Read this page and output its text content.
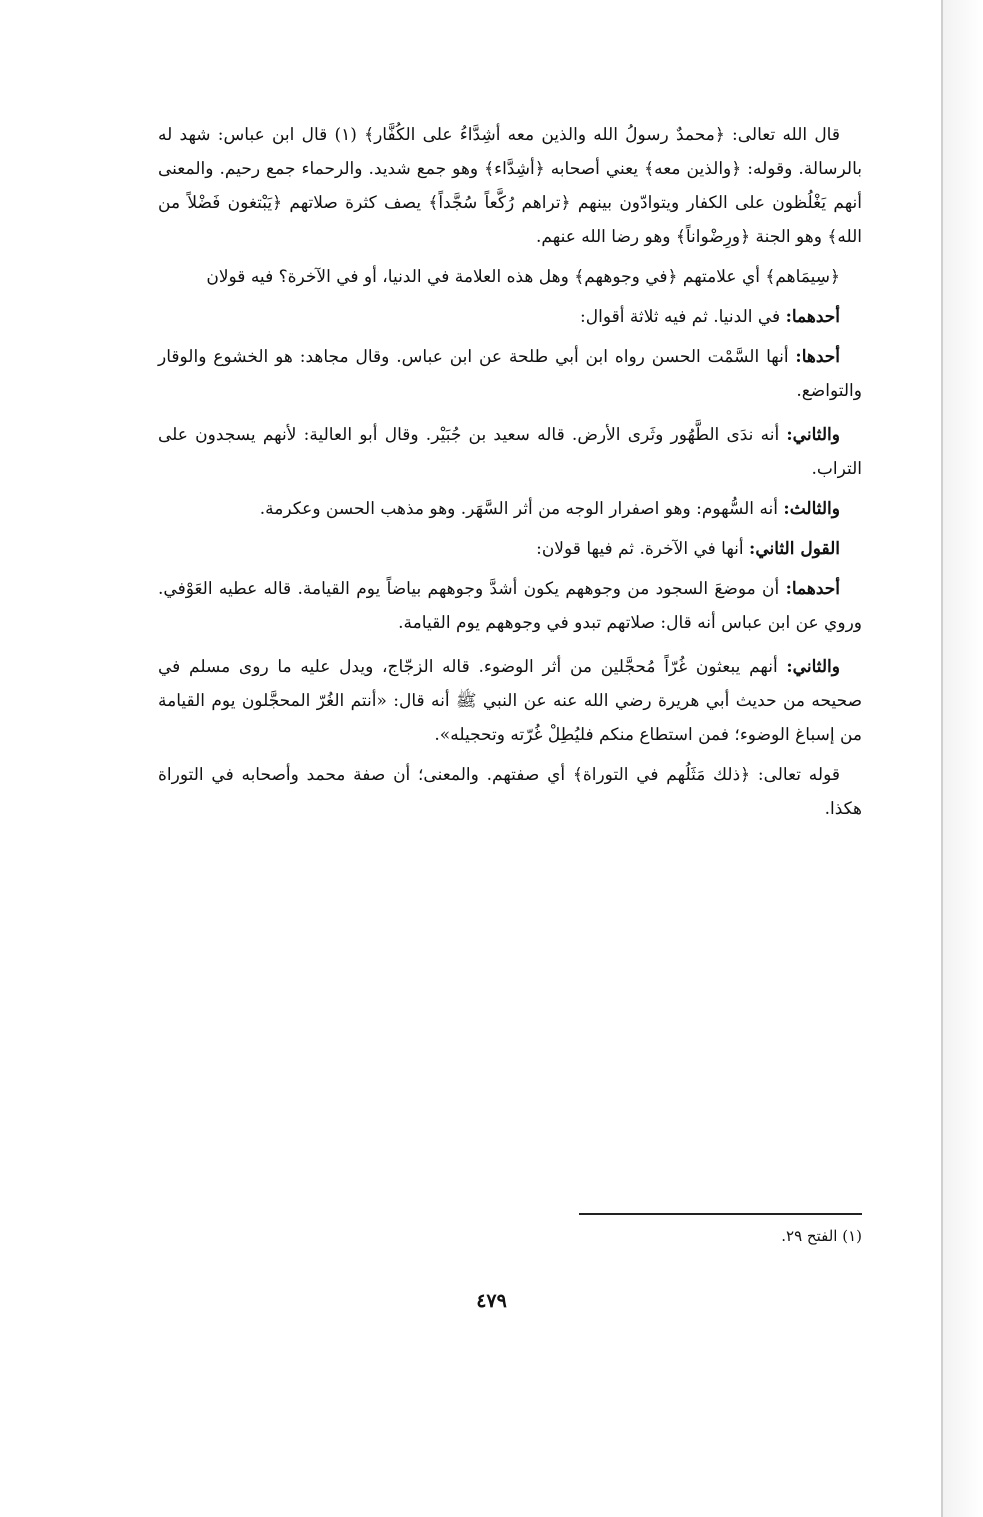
قال الله تعالى: ﴿محمدٌ رسولُ الله والذين معه أشِدَّاءُ على الكُفَّار﴾ (١) قال ابن عباس: شهد له بالرسالة. وقوله: ﴿والذين معه﴾ يعني أصحابه ﴿أشِدَّاء﴾ وهو جمع شديد. والرحماء جمع رحيم. والمعنى أنهم يَغْلُظون على الكفار ويتوادّون بينهم ﴿تراهم رُكَّعاً سُجَّداً﴾ يصف كثرة صلاتهم ﴿يَبْتغون فَضْلاً من الله﴾ وهو الجنة ﴿ورِضْواناً﴾ وهو رضا الله عنهم.

﴿سِيمَاهم﴾ أي علامتهم ﴿في وجوههم﴾ وهل هذه العلامة في الدنيا، أو في الآخرة؟ فيه قولان

أحدهما: في الدنيا. ثم فيه ثلاثة أقوال:

أحدها: أنها السَّمْت الحسن رواه ابن أبي طلحة عن ابن عباس. وقال مجاهد: هو الخشوع والوقار والتواضع.

والثاني: أنه ندَى الطَّهُور وثَرى الأرض. قاله سعيد بن جُبَيْر. وقال أبو العالية: لأنهم يسجدون على التراب.

والثالث: أنه السُّهوم: وهو اصفرار الوجه من أثر السَّهَر. وهو مذهب الحسن وعكرمة.

القول الثاني: أنها في الآخرة. ثم فيها قولان:

أحدهما: أن موضعَ السجود من وجوههم يكون أشدَّ وجوههم بياضاً يوم القيامة. قاله عطيه العَوْفي. وروي عن ابن عباس أنه قال: صلاتهم تبدو في وجوههم يوم القيامة.

والثاني: أنهم يبعثون غُرّاً مُحجَّلين من أثر الوضوء. قاله الزجّاج، ويدل عليه ما روى مسلم في صحيحه من حديث أبي هريرة رضي الله عنه عن النبي ﷺ أنه قال: «أنتم الغُرّ المحجَّلون يوم القيامة من إسباغ الوضوء؛ فمن استطاع منكم فليُطِلْ غُرّته وتحجيله».

قوله تعالى: ﴿ذلك مَثَلُهم في التوراة﴾ أي صفتهم. والمعنى؛ أن صفة محمد وأصحابه في التوراة هكذا.

(١) الفتح ٢٩.
٤٧٩
